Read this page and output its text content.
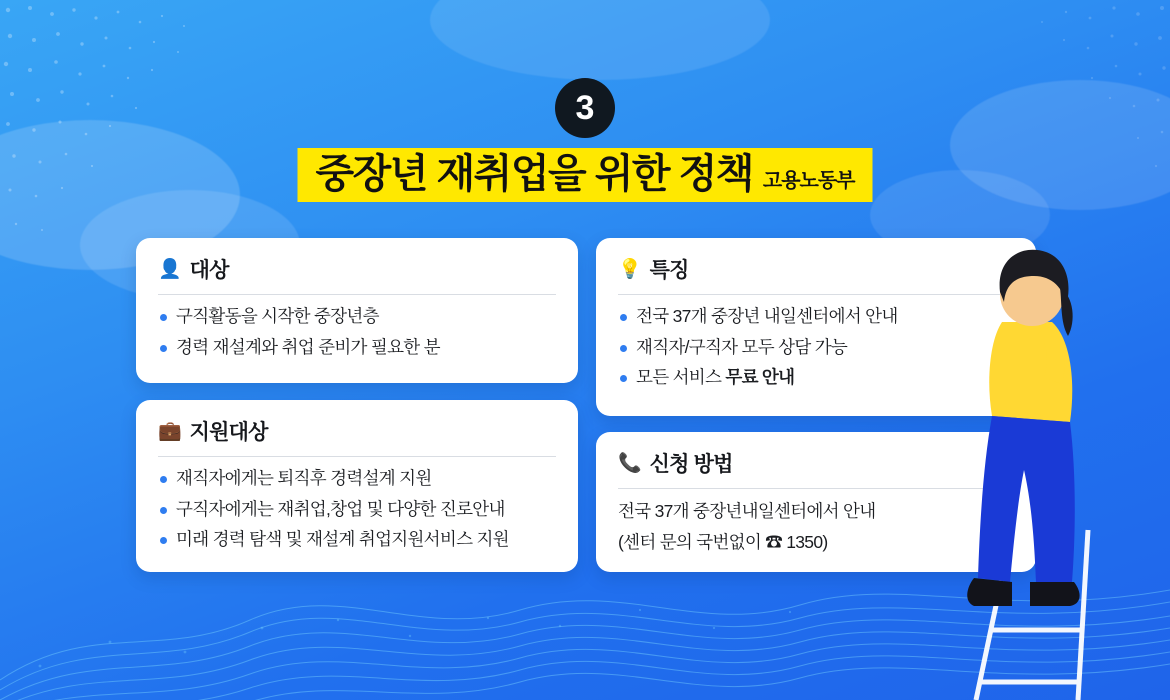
3
중장년 재취업을 위한 정책 고용노동부
👤 대상
구직활동을 시작한 중장년층
경력 재설계와 취업 준비가 필요한 분
💼 지원대상
재직자에게는 퇴직후 경력설계 지원
구직자에게는 재취업,창업 및 다양한 진로안내
미래 경력 탐색 및 재설계 취업지원서비스 지원
💡 특징
전국 37개 중장년 내일센터에서 안내
재직자/구직자 모두 상담 가능
모든 서비스 무료 안내
📞 신청 방법

전국 37개 중장년내일센터에서 안내

(센터 문의 국번없이 ☎ 1350)
